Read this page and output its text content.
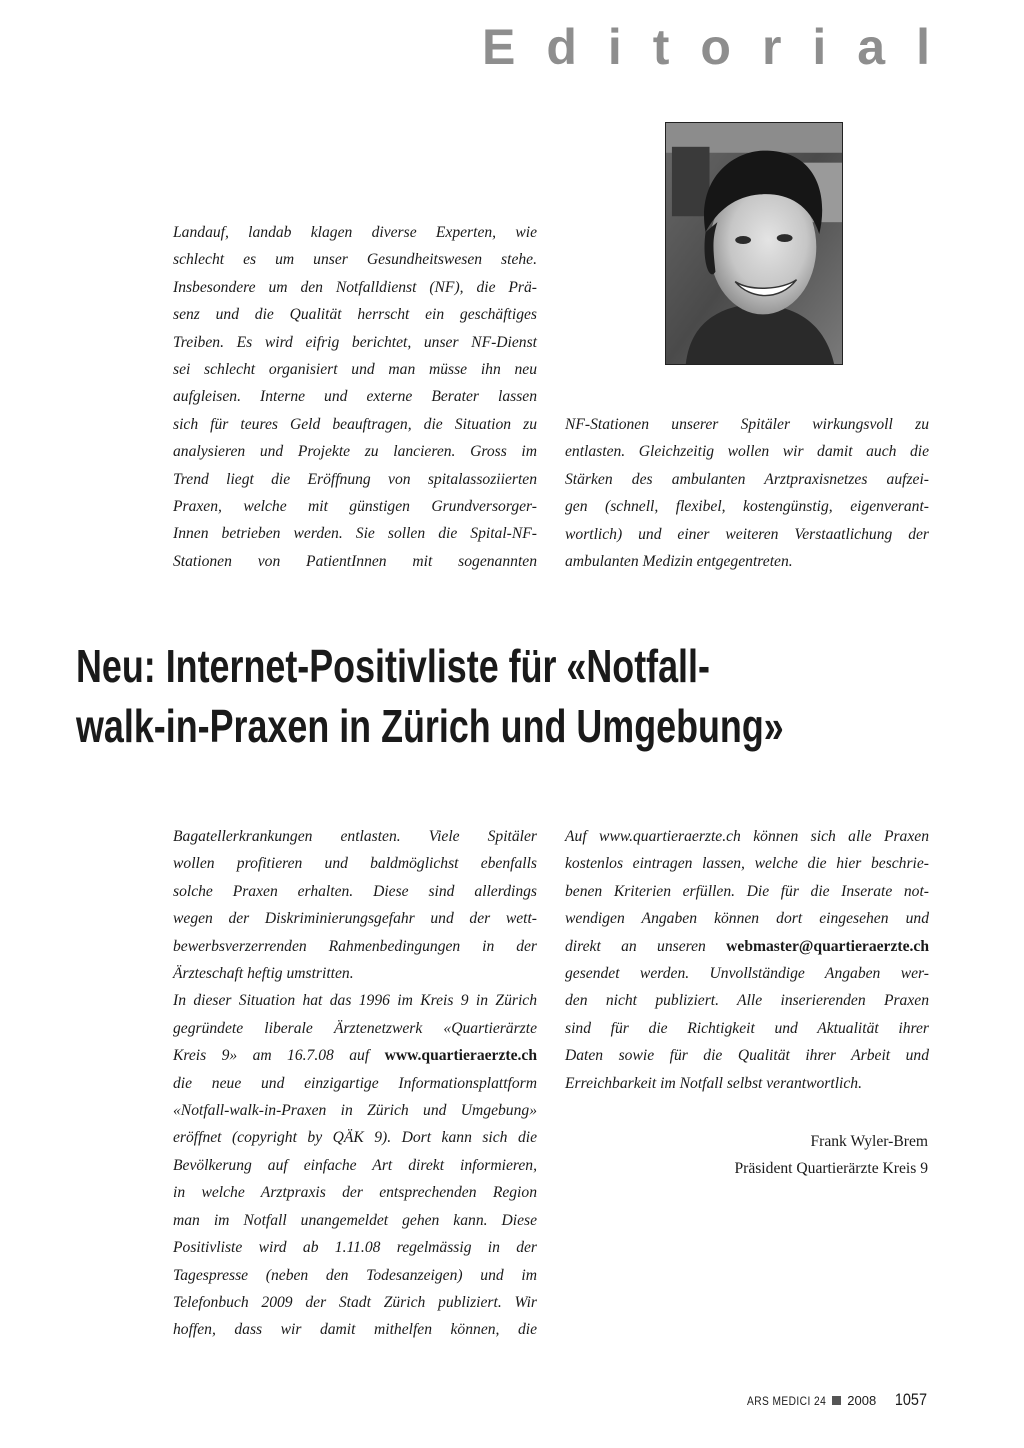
Editorial

Landauf, landab klagen diverse Experten, wie
schlecht es um unser Gesundheitswesen stehe.
Insbesondere um den Notfalldienst (NF), die Prä-
senz und die Qualität herrscht ein geschäftiges
Treiben. Es wird eifrig berichtet, unser NF-Dienst
sei schlecht organisiert und man müsse ihn neu
aufgleisen. Interne und externe Berater lassen
sich für teures Geld beauftragen, die Situation zu
analysieren und Projekte zu lancieren. Gross im
Trend liegt die Eröffnung von spitalassoziierten
Praxen, welche mit günstigen Grundversorger-
Innen betrieben werden. Sie sollen die Spital-NF-
Stationen von PatientInnen mit sogenannten

NF-Stationen unserer Spitäler wirkungsvoll zu
entlasten. Gleichzeitig wollen wir damit auch die
Stärken des ambulanten Arztpraxisnetzes aufzei-
gen (schnell, flexibel, kostengünstig, eigenverant-
wortlich) und einer weiteren Verstaatlichung der
ambulanten Medizin entgegentreten.

Neu: Internet-Positivliste für «Notfall-
walk-in-Praxen in Zürich und Umgebung»

Bagatellerkrankungen entlasten. Viele Spitäler
wollen profitieren und baldmöglichst ebenfalls
solche Praxen erhalten. Diese sind allerdings
wegen der Diskriminierungsgefahr und der wett-
bewerbsverzerrenden Rahmenbedingungen in der
Ärzteschaft heftig umstritten.
In dieser Situation hat das 1996 im Kreis 9 in Zürich
gegründete liberale Ärztenetzwerk «Quartierärzte
Kreis 9» am 16.7.08 auf www.quartieraerzte.ch
die neue und einzigartige Informationsplattform
«Notfall-walk-in-Praxen in Zürich und Umgebung»
eröffnet (copyright by QÄK 9). Dort kann sich die
Bevölkerung auf einfache Art direkt informieren,
in welche Arztpraxis der entsprechenden Region
man im Notfall unangemeldet gehen kann. Diese
Positivliste wird ab 1.11.08 regelmässig in der
Tagespresse (neben den Todesanzeigen) und im
Telefonbuch 2009 der Stadt Zürich publiziert. Wir
hoffen, dass wir damit mithelfen können, die

Auf www.quartieraerzte.ch können sich alle Praxen
kostenlos eintragen lassen, welche die hier beschrie-
benen Kriterien erfüllen. Die für die Inserate not-
wendigen Angaben können dort eingesehen und
direkt an unseren webmaster@quartieraerzte.ch
gesendet werden. Unvollständige Angaben wer-
den nicht publiziert. Alle inserierenden Praxen
sind für die Richtigkeit und Aktualität ihrer
Daten sowie für die Qualität ihrer Arbeit und
Erreichbarkeit im Notfall selbst verantwortlich.

Frank Wyler-Brem
Präsident Quartierärzte Kreis 9
ARS MEDICI 24 2008 1057
